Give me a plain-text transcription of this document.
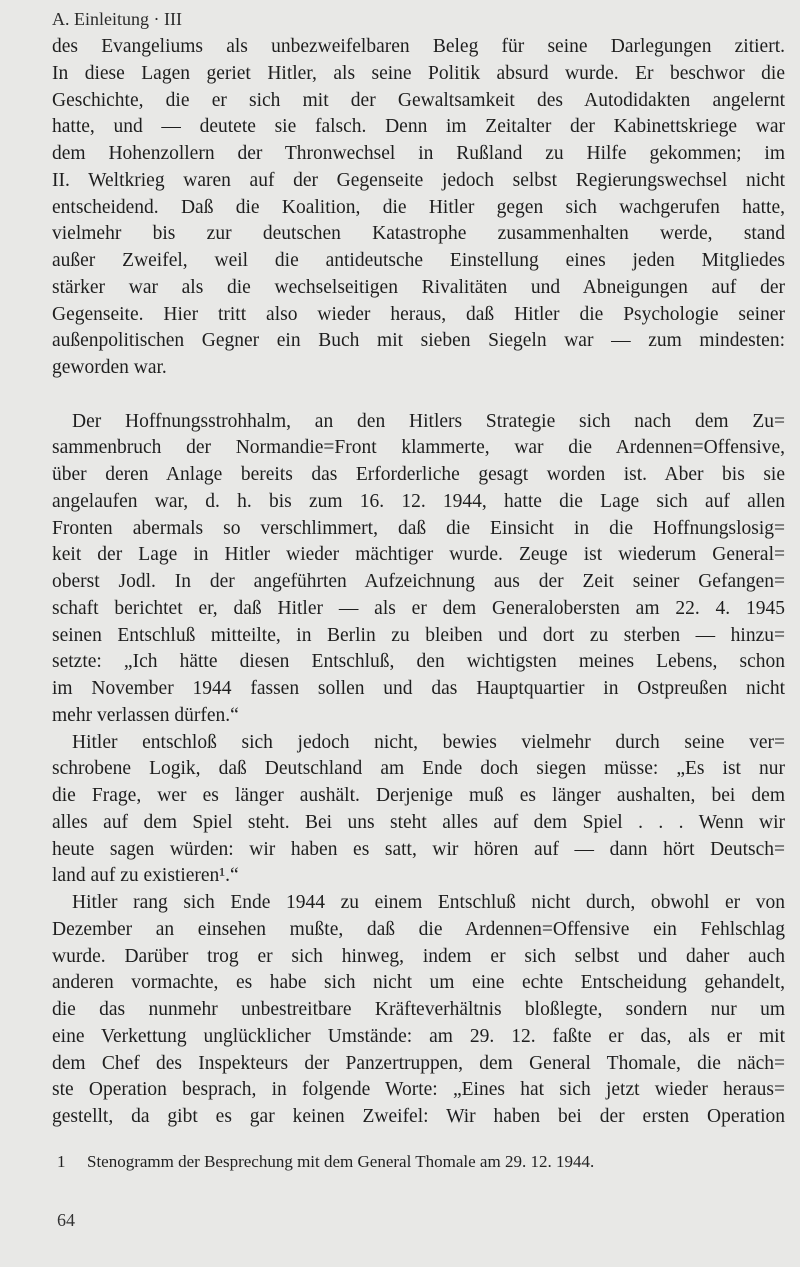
A. Einleitung · III
des Evangeliums als unbezweifelbaren Beleg für seine Darlegungen zitiert.
In diese Lagen geriet Hitler, als seine Politik absurd wurde. Er beschwor die
Geschichte, die er sich mit der Gewaltsamkeit des Autodidakten angelernt
hatte, und — deutete sie falsch. Denn im Zeitalter der Kabinettskriege war
dem Hohenzollern der Thronwechsel in Rußland zu Hilfe gekommen; im
II. Weltkrieg waren auf der Gegenseite jedoch selbst Regierungswechsel nicht
entscheidend. Daß die Koalition, die Hitler gegen sich wachgerufen hatte,
vielmehr bis zur deutschen Katastrophe zusammenhalten werde, stand
außer Zweifel, weil die antideutsche Einstellung eines jeden Mitgliedes
stärker war als die wechselseitigen Rivalitäten und Abneigungen auf der
Gegenseite. Hier tritt also wieder heraus, daß Hitler die Psychologie seiner
außenpolitischen Gegner ein Buch mit sieben Siegeln war — zum mindesten:
geworden war.
Der Hoffnungsstrohhalm, an den Hitlers Strategie sich nach dem Zu=
sammenbruch der Normandie=Front klammerte, war die Ardennen=Offensive,
über deren Anlage bereits das Erforderliche gesagt worden ist. Aber bis sie
angelaufen war, d. h. bis zum 16. 12. 1944, hatte die Lage sich auf allen
Fronten abermals so verschlimmert, daß die Einsicht in die Hoffnungslosig=
keit der Lage in Hitler wieder mächtiger wurde. Zeuge ist wiederum General=
oberst Jodl. In der angeführten Aufzeichnung aus der Zeit seiner Gefangen=
schaft berichtet er, daß Hitler — als er dem Generalobersten am 22. 4. 1945
seinen Entschluß mitteilte, in Berlin zu bleiben und dort zu sterben — hinzu=
setzte: „Ich hätte diesen Entschluß, den wichtigsten meines Lebens, schon
im November 1944 fassen sollen und das Hauptquartier in Ostpreußen nicht
mehr verlassen dürfen.“
Hitler entschloß sich jedoch nicht, bewies vielmehr durch seine ver=
schrobene Logik, daß Deutschland am Ende doch siegen müsse: „Es ist nur
die Frage, wer es länger aushält. Derjenige muß es länger aushalten, bei dem
alles auf dem Spiel steht. Bei uns steht alles auf dem Spiel . . . Wenn wir
heute sagen würden: wir haben es satt, wir hören auf — dann hört Deutsch=
land auf zu existieren¹.“
Hitler rang sich Ende 1944 zu einem Entschluß nicht durch, obwohl er von
Dezember an einsehen mußte, daß die Ardennen=Offensive ein Fehlschlag
wurde. Darüber trog er sich hinweg, indem er sich selbst und daher auch
anderen vormachte, es habe sich nicht um eine echte Entscheidung gehandelt,
die das nunmehr unbestreitbare Kräfteverhältnis bloßlegte, sondern nur um
eine Verkettung unglücklicher Umstände: am 29. 12. faßte er das, als er mit
dem Chef des Inspekteurs der Panzertruppen, dem General Thomale, die näch=
ste Operation besprach, in folgende Worte: „Eines hat sich jetzt wieder heraus=
gestellt, da gibt es gar keinen Zweifel: Wir haben bei der ersten Operation
1 Stenogramm der Besprechung mit dem General Thomale am 29. 12. 1944.
64
